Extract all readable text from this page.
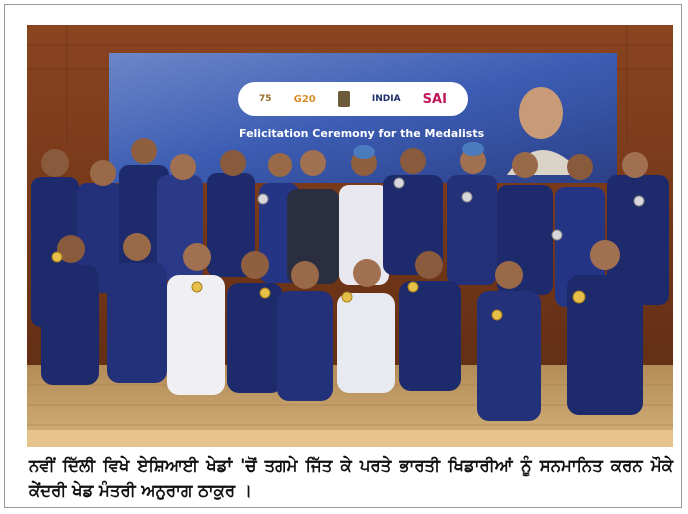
Felicitation Ceremony for the Medalists
75 G20	INDIA SAI
ਨਵੀਂ ਦਿੱਲੀ ਵਿਖੇ ਏਸ਼ਿਆਈ ਖੇਡਾਂ 'ਚੋਂ ਤਗਮੇ ਜਿੱਤ ਕੇ ਪਰਤੇ ਭਾਰਤੀ ਖਿਡਾਰੀਆਂ ਨੂੰ ਸਨਮਾਨਿਤ ਕਰਨ ਮੌਕੇ ਕੇਂਦਰੀ ਖੇਡ ਮੰਤਰੀ ਅਨੁਰਾਗ ਠਾਕੁਰ ।
